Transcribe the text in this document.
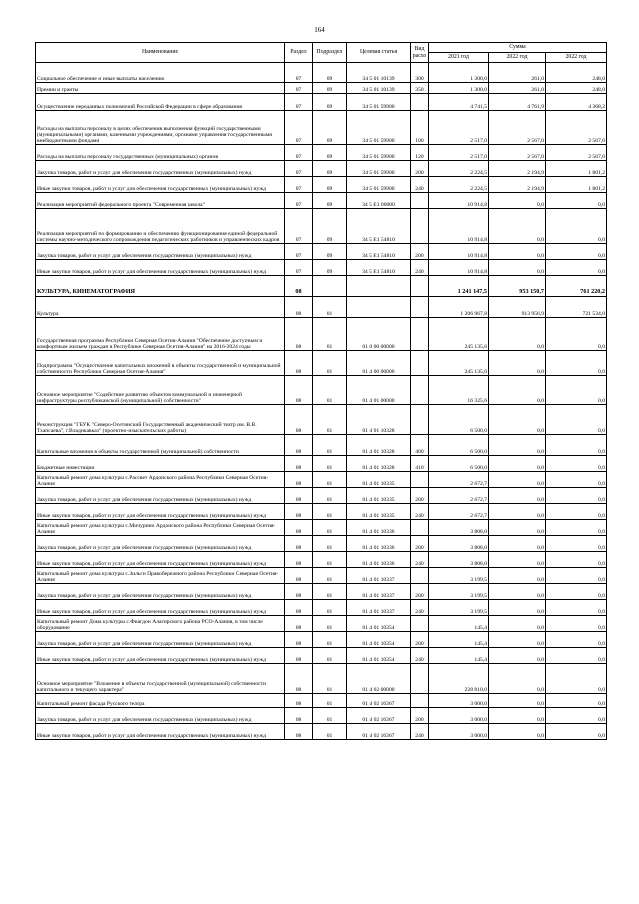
164
Наименование	Раздел	Подраздел	Целевая статья	Вид расхо	Сумма		
					2021 год	2022 год	2022 год
Социальное обеспечение и иные выплаты населению	07	09	34 5 01 10139	300	1 300,0	261,0	248,0
Премии и гранты	07	09	34 5 01 10139	350	1 300,0	261,0	248,0
Осуществление переданных полномочий Российской Федерации в сфере образования	07	09	34 5 01 59900		4 741,5	4 761,9	4 368,2
Расходы на выплаты персоналу в целях обеспечения выполнения функций государственными (муниципальными) органами, казенными учреждениями, органами управления государственными внебюджетными фондами	07	09	34 5 01 59900	100	2 517,0	2 567,0	2 567,0
Расходы на выплаты персоналу государственных (муниципальных) органов	07	09	34 5 01 59900	120	2 517,0	2 567,0	2 567,0
Закупка товаров, работ и услуг для обеспечения государственных (муниципальных) нужд	07	09	34 5 01 59900	200	2 224,5	2 194,9	1 801,2
Иные закупки товаров, работ и услуг для обеспечения государственных (муниципальных) нужд	07	09	34 5 01 59900	240	2 224,5	2 194,9	1 801,2
Реализация мероприятий федерального проекта "Современная школа"	07	09	34 5 E1 00000		10 914,8	0,0	0,0
Реализация мероприятий по формированию и обеспечению функционирования единой федеральной системы научно-методического сопровождения педагогических работников и управленческих кадров	07	09	34 5 E1 54810		10 914,8	0,0	0,0
Закупка товаров, работ и услуг для обеспечения государственных (муниципальных) нужд	07	09	34 5 E1 54810	200	10 914,8	0,0	0,0
Иные закупки товаров, работ и услуг для обеспечения государственных (муниципальных) нужд	07	09	34 5 E1 54810	240	10 914,8	0,0	0,0
КУЛЬТУРА, КИНЕМАТОГРАФИЯ	08				1 241 147,5	953 150,7	761 220,2
Культура	08	01			1 206 967,8	913 956,9	721 534,0
Государственная программа Республики Северная Осетия-Алания "Обеспечение доступным и комфортным жильем граждан в Республике Северная Осетия-Алания" на 2016-2024 годы	08	01	01 0 00 00000		245 135,6	0,0	0,0
Подпрограмма "Осуществление капитальных вложений в объекты государственной и муниципальной собственности Республики Северная Осетия-Алания"	08	01	01 4 00 00000		245 135,6	0,0	0,0
Основное мероприятие "Содействие развитию объектов коммунальной и инженерной инфраструктуры республиканской (муниципальной) собственности"	08	01	01 4 01 00000		16 325,6	0,0	0,0
Реконструкция "ГБУК "Северо-Осетинский Государственный академический театр им. В.В. Тхапсаева", г.Владикавказ" (проектно-изыскательских работы)	08	01	01 4 01 10328		6 500,0	0,0	0,0
Капитальные вложения в объекты государственной (муниципальной) собственности	08	01	01 4 01 10328	400	6 500,0	0,0	0,0
Бюджетные инвестиции	08	01	01 4 01 10328	410	6 500,0	0,0	0,0
Капитальный ремонт дома культуры с.Рассвет Ардонского района Республики Северная Осетия-Алания	08	01	01 4 01 10335		2 672,7	0,0	0,0
Закупка товаров, работ и услуг для обеспечения государственных (муниципальных) нужд	08	01	01 4 01 10335	200	2 672,7	0,0	0,0
Иные закупки товаров, работ и услуг для обеспечения государственных (муниципальных) нужд	08	01	01 4 01 10335	240	2 672,7	0,0	0,0
Капитальный ремонт дома культуры с.Мичурино Ардонского района Республики Северная Осетия-Алания	08	01	01 4 01 10336		3 808,0	0,0	0,0
Закупка товаров, работ и услуг для обеспечения государственных (муниципальных) нужд	08	01	01 4 01 10336	200	3 808,0	0,0	0,0
Иные закупки товаров, работ и услуг для обеспечения государственных (муниципальных) нужд	08	01	01 4 01 10336	240	3 808,0	0,0	0,0
Капитальный ремонт дома культуры с.Зильги Правобережного района Республики Северная Осетия-Алания	08	01	01 4 01 10337		3 199,5	0,0	0,0
Закупка товаров, работ и услуг для обеспечения государственных (муниципальных) нужд	08	01	01 4 01 10337	200	3 199,5	0,0	0,0
Иные закупки товаров, работ и услуг для обеспечения государственных (муниципальных) нужд	08	01	01 4 01 10337	240	3 199,5	0,0	0,0
Капитальный ремонт Дома культуры с.Фиагдон Алагирского района РСО-Алания, в том числе оборудование	08	01	01 4 01 10354		145,4	0,0	0,0
Закупка товаров, работ и услуг для обеспечения государственных (муниципальных) нужд	08	01	01 4 01 10354	200	145,4	0,0	0,0
Иные закупки товаров, работ и услуг для обеспечения государственных (муниципальных) нужд	08	01	01 4 01 10354	240	145,4	0,0	0,0
Основное мероприятие "Вложение в объекты государственной (муниципальной) собственности капитального и текущего характера"	08	01	01 4 02 00000		228 810,0	0,0	0,0
Капитальный ремонт фасада Русского театра	08	01	01 4 02 10367		3 000,0	0,0	0,0
Закупка товаров, работ и услуг для обеспечения государственных (муниципальных) нужд	08	01	01 4 02 10367	200	3 000,0	0,0	0,0
Иные закупки товаров, работ и услуг для обеспечения государственных (муниципальных) нужд	08	01	01 4 02 10367	240	3 000,0	0,0	0,0
